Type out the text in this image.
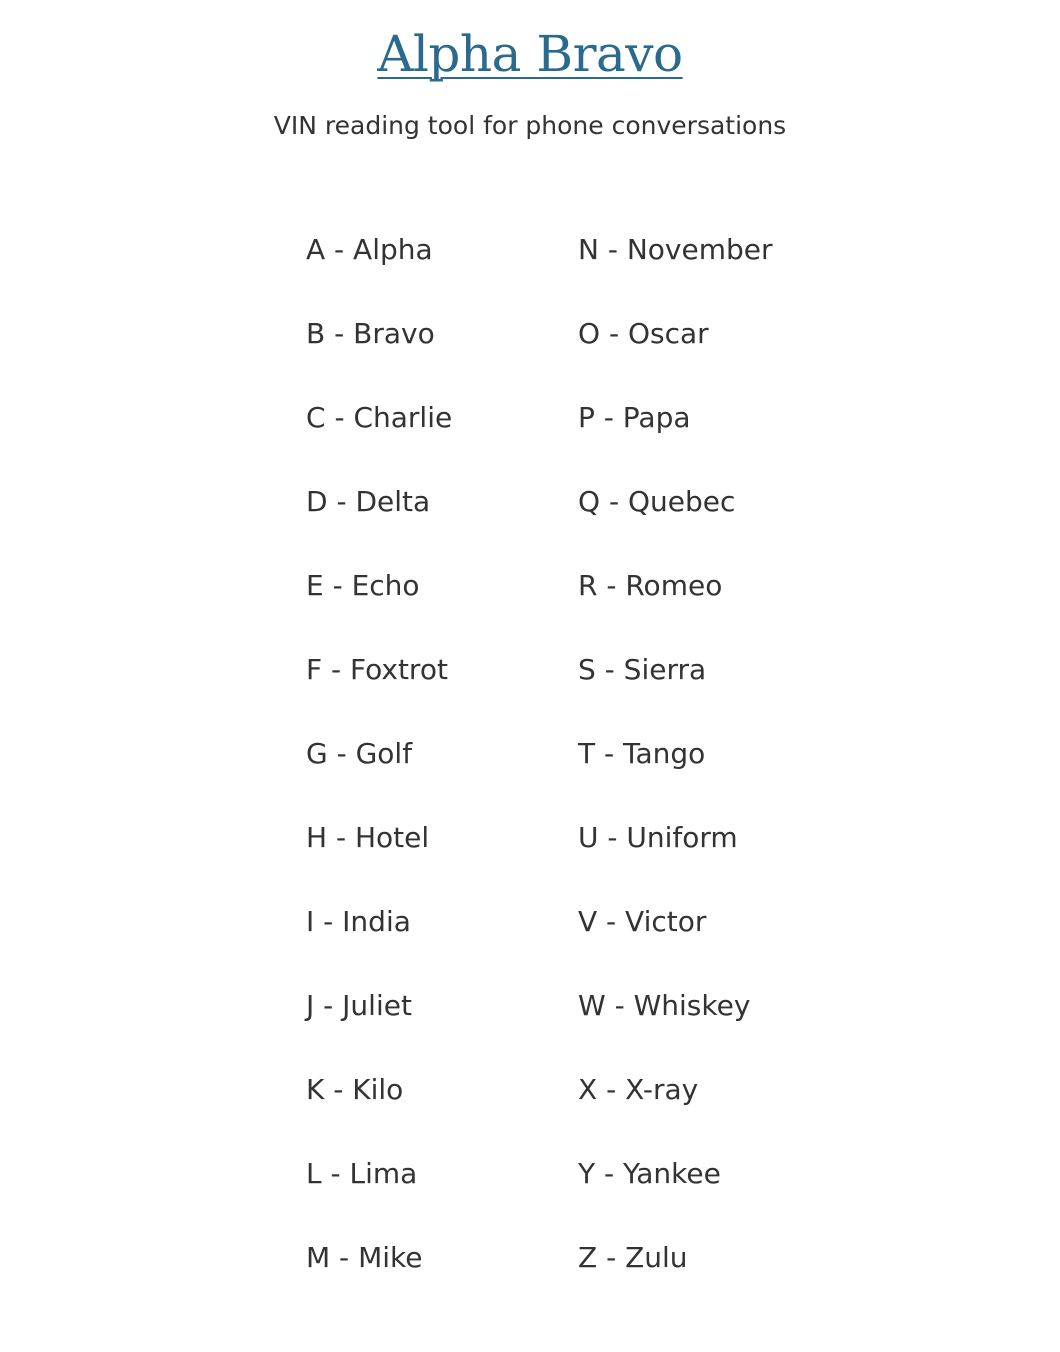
Alpha Bravo
VIN reading tool for phone conversations
A - Alpha
B - Bravo
C - Charlie
D - Delta
E - Echo
F - Foxtrot
G - Golf
H - Hotel
I - India
J - Juliet
K - Kilo
L - Lima
M - Mike
N - November
O - Oscar
P - Papa
Q - Quebec
R - Romeo
S - Sierra
T - Tango
U - Uniform
V - Victor
W - Whiskey
X - X-ray
Y - Yankee
Z - Zulu
